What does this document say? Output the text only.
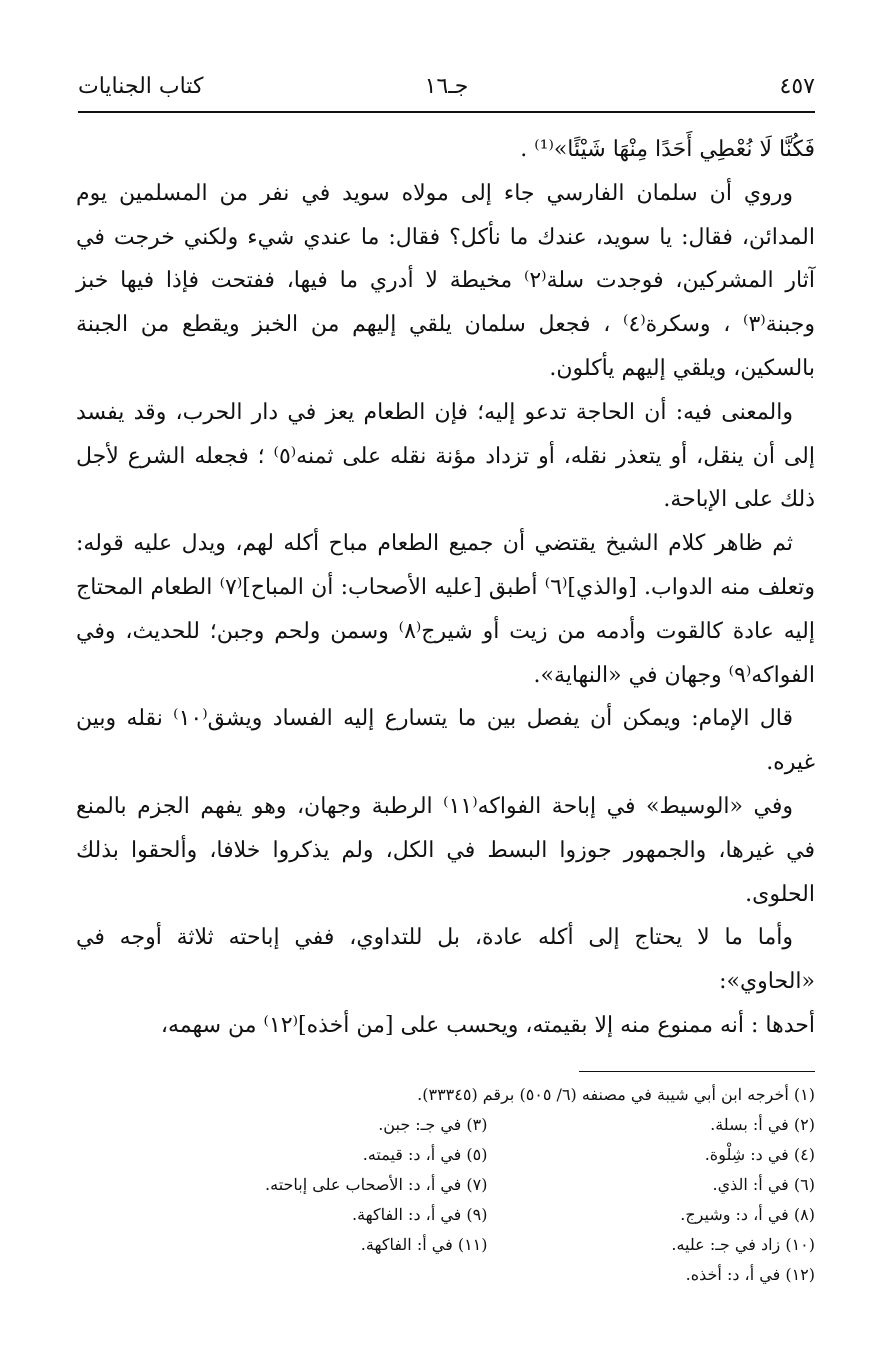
٤٥٧
جـ١٦
كتاب الجنايات

فَكُنَّا لَا نُعْطِي أَحَدًا مِنْهَا شَيْئًا»⁽¹⁾ .

وروي أن سلمان الفارسي جاء إلى مولاه سويد في نفر من المسلمين يوم المدائن، فقال: يا سويد، عندك ما نأكل؟ فقال: ما عندي شيء ولكني خرجت في آثار المشركين، فوجدت سلة⁽٢⁾ مخيطة لا أدري ما فيها، ففتحت فإذا فيها خبز وجبنة⁽٣⁾ ، وسكرة⁽٤⁾ ، فجعل سلمان يلقي إليهم من الخبز ويقطع من الجبنة بالسكين، ويلقي إليهم يأكلون.

والمعنى فيه: أن الحاجة تدعو إليه؛ فإن الطعام يعز في دار الحرب، وقد يفسد إلى أن ينقل، أو يتعذر نقله، أو تزداد مؤنة نقله على ثمنه⁽٥⁾ ؛ فجعله الشرع لأجل ذلك على الإباحة.

ثم ظاهر كلام الشيخ يقتضي أن جميع الطعام مباح أكله لهم، ويدل عليه قوله: وتعلف منه الدواب. [والذي]⁽٦⁾ أطبق [عليه الأصحاب: أن المباح]⁽٧⁾ الطعام المحتاج إليه عادة كالقوت وأدمه من زيت أو شيرج⁽٨⁾ وسمن ولحم وجبن؛ للحديث، وفي الفواكه⁽٩⁾ وجهان في «النهاية».

قال الإمام: ويمكن أن يفصل بين ما يتسارع إليه الفساد ويشق⁽١٠⁾ نقله وبين غيره.

وفي «الوسيط» في إباحة الفواكه⁽١١⁾ الرطبة وجهان، وهو يفهم الجزم بالمنع في غيرها، والجمهور جوزوا البسط في الكل، ولم يذكروا خلافا، وألحقوا بذلك الحلوى.

وأما ما لا يحتاج إلى أكله عادة، بل للتداوي، ففي إباحته ثلاثة أوجه في «الحاوي»:

أحدها : أنه ممنوع منه إلا بقيمته، ويحسب على [من أخذه]⁽١٢⁾ من سهمه،

(١) أخرجه ابن أبي شيبة في مصنفه (٦/ ٥٠٥) برقم (٣٣٣٤٥).
(٢) في أ: بسلة.
(٣) في جـ: جبن.
(٤) في د: شِلْوة.
(٥) في أ، د: قيمته.
(٦) في أ: الذي.
(٧) في أ، د: الأصحاب على إباحته.
(٨) في أ، د: وشيرج.
(٩) في أ، د: الفاكهة.
(١٠) زاد في جـ: عليه.
(١١) في أ: الفاكهة.
(١٢) في أ، د: أخذه.
